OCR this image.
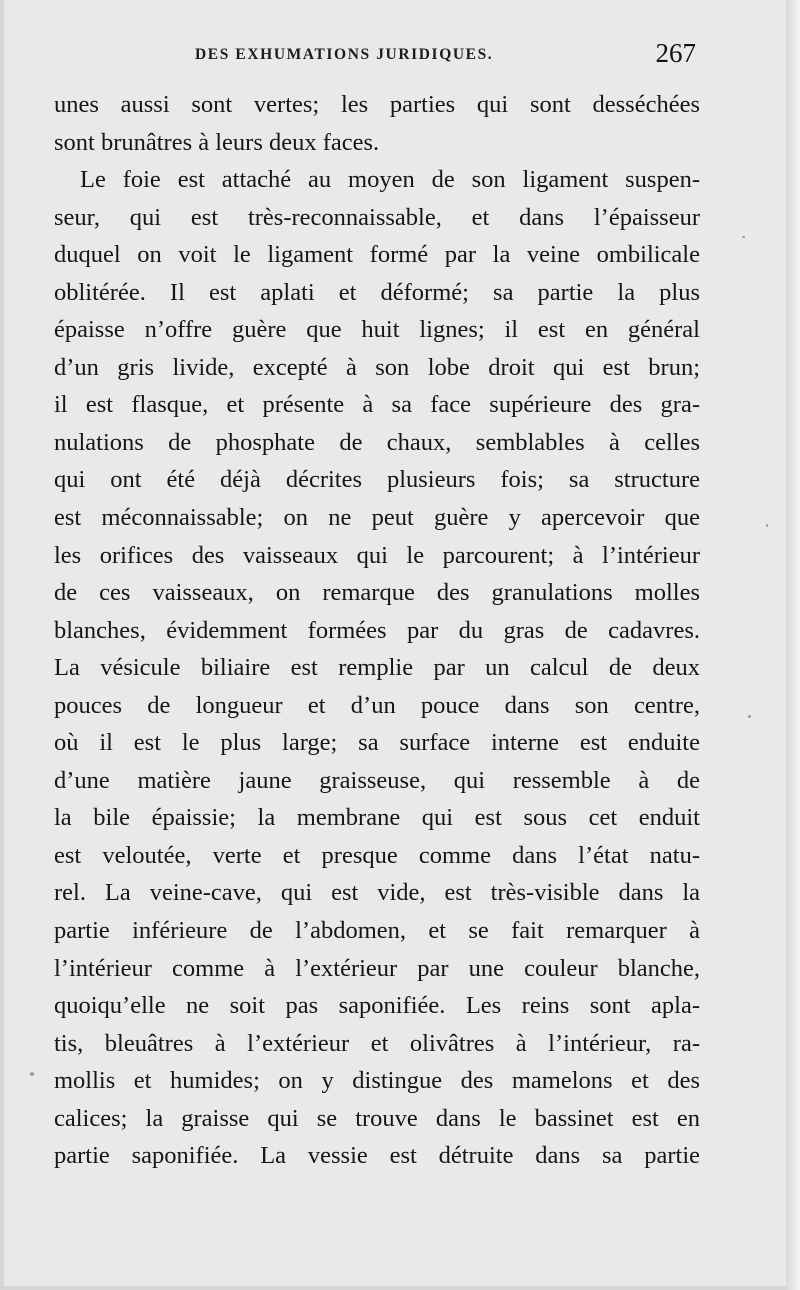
DES EXHUMATIONS JURIDIQUES.	267
unes aussi sont vertes; les parties qui sont desséchées
sont brunâtres à leurs deux faces.
Le foie est attaché au moyen de son ligament suspen-
seur, qui est très-reconnaissable, et dans l’épaisseur
duquel on voit le ligament formé par la veine ombilicale
oblitérée. Il est aplati et déformé; sa partie la plus
épaisse n’offre guère que huit lignes; il est en général
d’un gris livide, excepté à son lobe droit qui est brun;
il est flasque, et présente à sa face supérieure des gra-
nulations de phosphate de chaux, semblables à celles
qui ont été déjà décrites plusieurs fois; sa structure
est méconnaissable; on ne peut guère y apercevoir que
les orifices des vaisseaux qui le parcourent; à l’intérieur
de ces vaisseaux, on remarque des granulations molles
blanches, évidemment formées par du gras de cadavres.
La vésicule biliaire est remplie par un calcul de deux
pouces de longueur et d’un pouce dans son centre,
où il est le plus large; sa surface interne est enduite
d’une matière jaune graisseuse, qui ressemble à de
la bile épaissie; la membrane qui est sous cet enduit
est veloutée, verte et presque comme dans l’état natu-
rel. La veine-cave, qui est vide, est très-visible dans la
partie inférieure de l’abdomen, et se fait remarquer à
l’intérieur comme à l’extérieur par une couleur blanche,
quoiqu’elle ne soit pas saponifiée. Les reins sont apla-
tis, bleuâtres à l’extérieur et olivâtres à l’intérieur, ra-
mollis et humides; on y distingue des mamelons et des
calices; la graisse qui se trouve dans le bassinet est en
partie saponifiée. La vessie est détruite dans sa partie
